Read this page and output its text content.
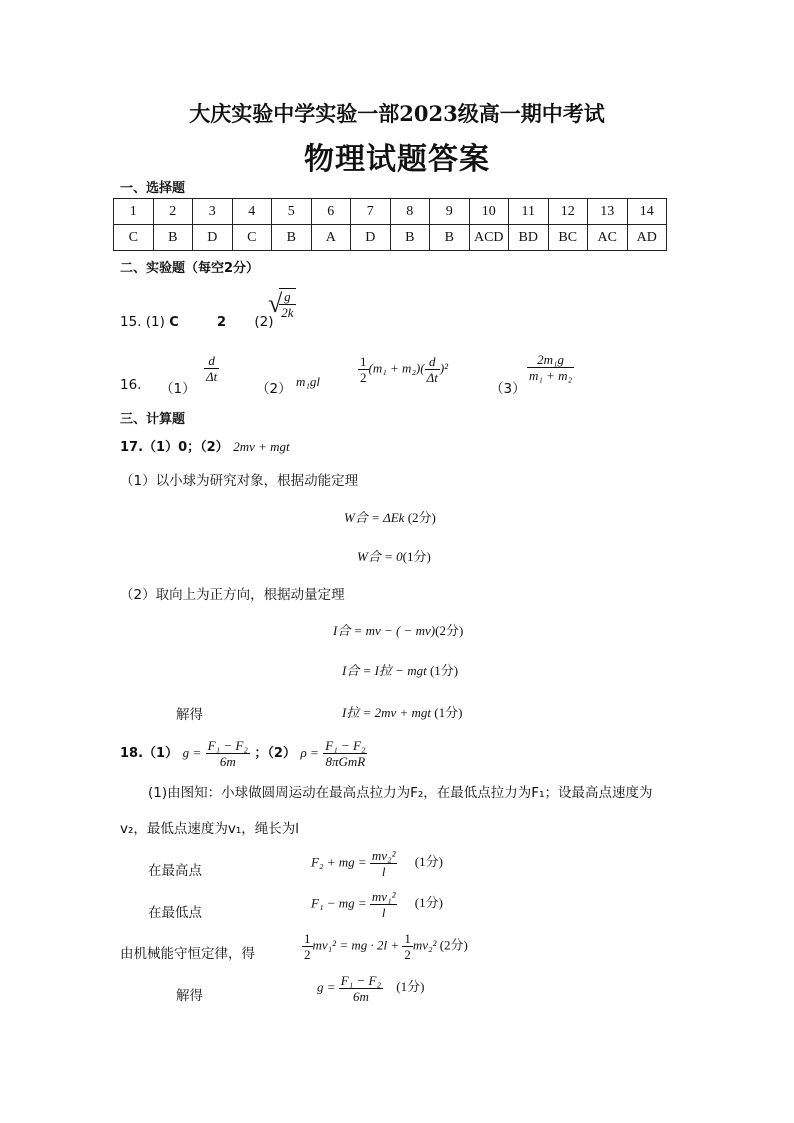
大庆实验中学实验一部2023级高一期中考试
物理试题答案
一、选择题
1	2	3	4	5	6	7	8	9	10	11	12	13	14
C	B	D	C	B	A	D	B	B	ACD	BD	BC	AC	AD
二、实验题（每空2分）
15. (1) C	2 (2)
√
$\frac{g}{2k}$
16. （1）
$\frac{d}{\Delta t}$
（2） m₁gl	$\frac{1}{2} (m_1 + m_2)( \frac{d}{\Delta t} )^2$
（3）
$\frac{\text{2m₁g}}{\text{m₁ + m₂}}$
三、计算题
17.（1）0；（2） 2mv + mgt
（1）以小球为研究对象，根据动能定理
W合 = ΔEk (2分)
W合 = 0(1分)
（2）取向上为正方向，根据动量定理
I合 = mv − ( − mv)(2分)
I合 = I拉 − mgt (1分)
解得	I拉 = 2mv + mgt (1分)
18.（1） $g = \frac{\text{F₁ − F₂}}{6m}$ ；（2） $\rho = \frac{\text{F₁ − F₂}}{\text{8πGmR}}$
(1)由图知：小球做圆周运动在最高点拉力为F₂，在最低点拉力为F₁；设最高点速度为
v₂，最低点速度为v₁，绳长为l
在最高点
F₂ + mg = $\frac{\text{mv₂²}}{l} (1$分)
在最低点
F₁ − mg = $\frac{\text{mv₁²}}{l} (1$分)
由机械能守恒定律，得	$\frac{1}{2} mv_1^2$ = mg · $2l + \frac{1}{2} mv_2^2$ (2分)
解得
$g = \frac{\text{F₁ − F₂}}{6m} (1$分)
